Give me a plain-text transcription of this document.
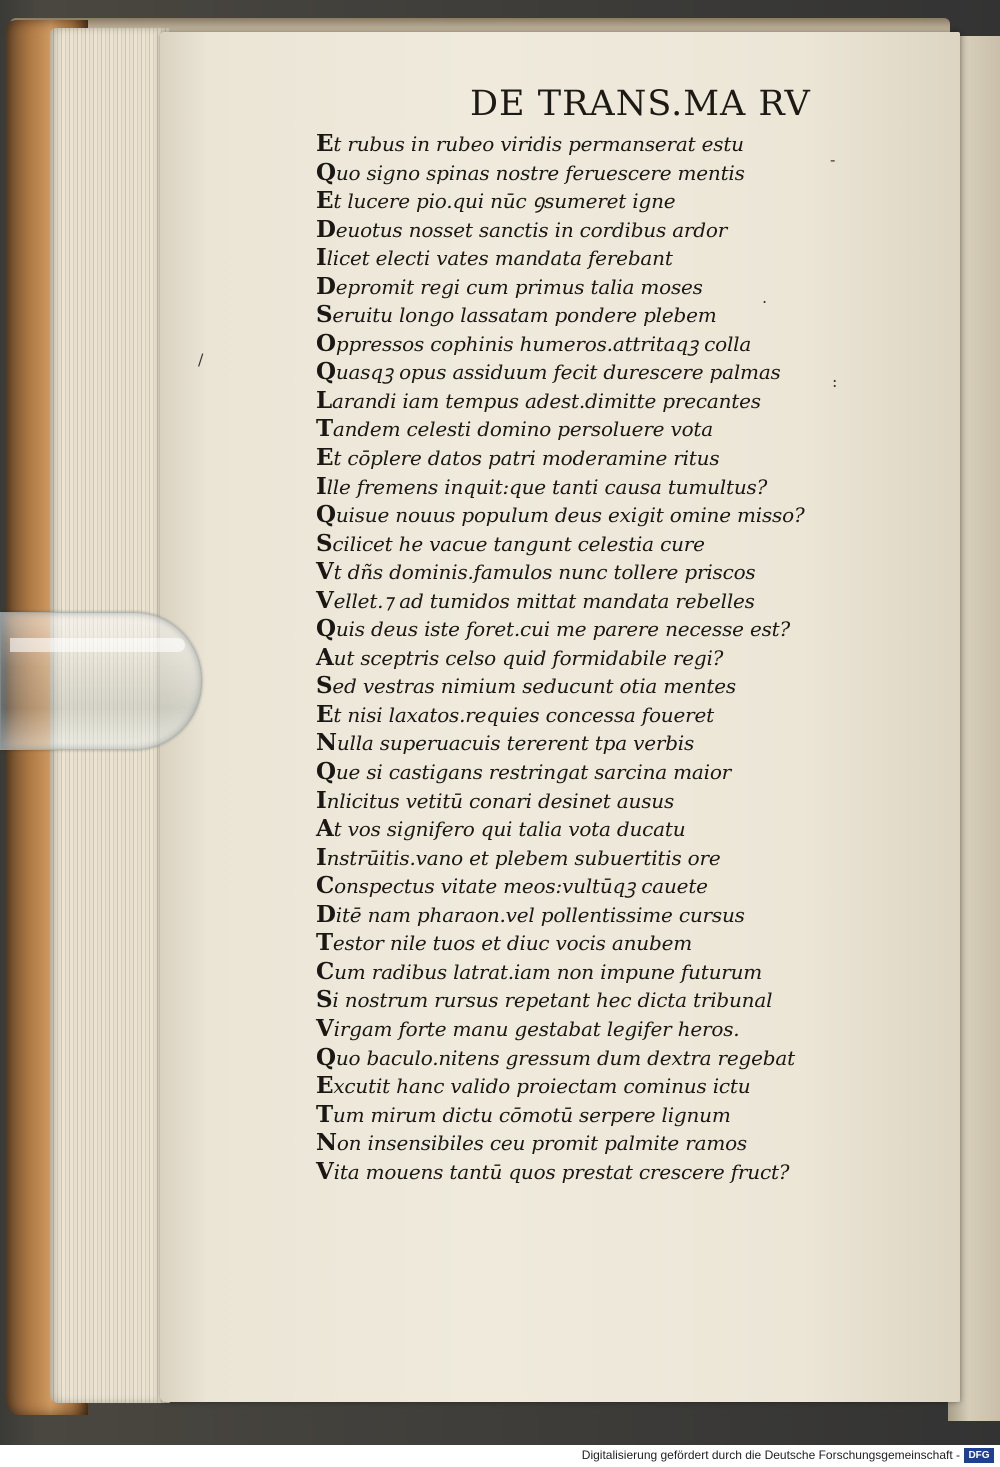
DE TRANS.MA RV
Et rubus in rubeo viridis permanserat estu
Quo signo spinas nostre feruescere mentis
Et lucere pio.qui nūc ꝯsumeret igne
Deuotus nosset sanctis in cordibus ardor
Ilicet electi vates mandata ferebant
Depromit regi cum primus talia moses
Seruitu longo lassatam pondere plebem
Oppressos cophinis humeros.attritaqꝫ colla
Quasqꝫ opus assiduum fecit durescere palmas
Larandi iam tempus adest.dimitte precantes
Tandem celesti domino persoluere vota
Et cōplere datos patri moderamine ritus
Ille fremens inquit:que tanti causa tumultus?
Quisue nouus populum deus exigit omine misso?
Scilicet he vacue tangunt celestia cure
Vt dñs dominis.famulos nunc tollere priscos
Vellet.⁊ ad tumidos mittat mandata rebelles
Quis deus iste foret.cui me parere necesse est?
Aut sceptris celso quid formidabile regi?
Sed vestras nimium seducunt otia mentes
Et nisi laxatos.requies concessa foueret
Nulla superuacuis tererent tpa verbis
Que si castigans restringat sarcina maior
Inlicitus vetitū conari desinet ausus
At vos signifero qui talia vota ducatu
Instrūitis.vano et plebem subuertitis ore
Conspectus vitate meos:vultūqꝫ cauete
Ditē nam pharaon.vel pollentissime cursus
Testor nile tuos et diuc vocis anubem
Cum radibus latrat.iam non impune futurum
Si nostrum rursus repetant hec dicta tribunal
Virgam forte manu gestabat legifer heros.
Quo baculo.nitens gressum dum dextra regebat
Excutit hanc valido proiectam cominus ictu
Tum mirum dictu cōmotū serpere lignum
Non insensibiles ceu promit palmite ramos
Vita mouens tantū quos prestat crescere fruct?
-
.
/
:
Digitalisierung gefördert durch die Deutsche Forschungsgemeinschaft - DFG
